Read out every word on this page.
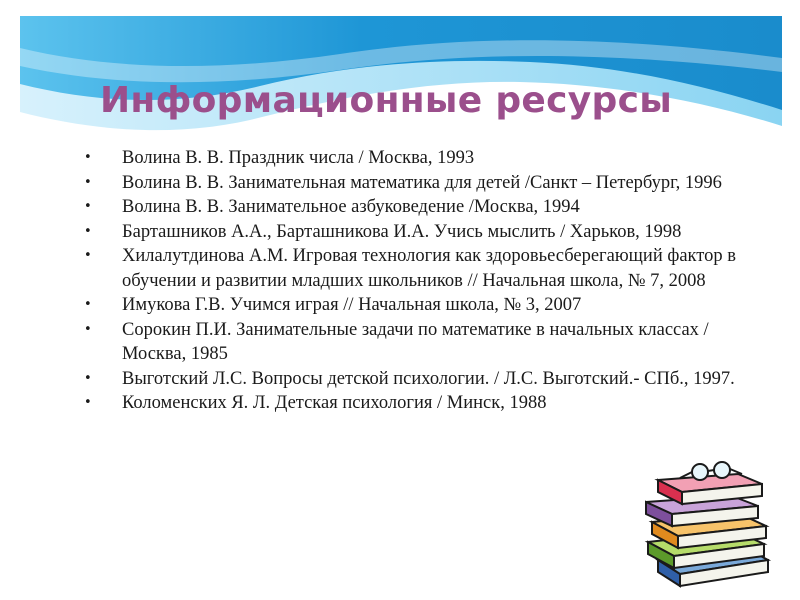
Информационные ресурсы
• Волина В. В. Праздник числа / Москва, 1993
• Волина В. В. Занимательная математика для детей /Санкт – Петербург, 1996
• Волина В. В. Занимательное азбуковедение /Москва, 1994
• Барташников А.А., Барташникова И.А. Учись мыслить / Харьков, 1998
• Хилалутдинова А.М. Игровая технология как здоровьесберегающий фактор в обучении и развитии младших школьников // Начальная школа, № 7, 2008
• Имукова Г.В. Учимся играя // Начальная школа, № 3, 2007
• Сорокин П.И. Занимательные задачи по математике в начальных классах / Москва, 1985
• Выготский Л.С. Вопросы детской психологии. / Л.С. Выготский.- СПб., 1997.
• Коломенских Я. Л. Детская психология / Минск, 1988
